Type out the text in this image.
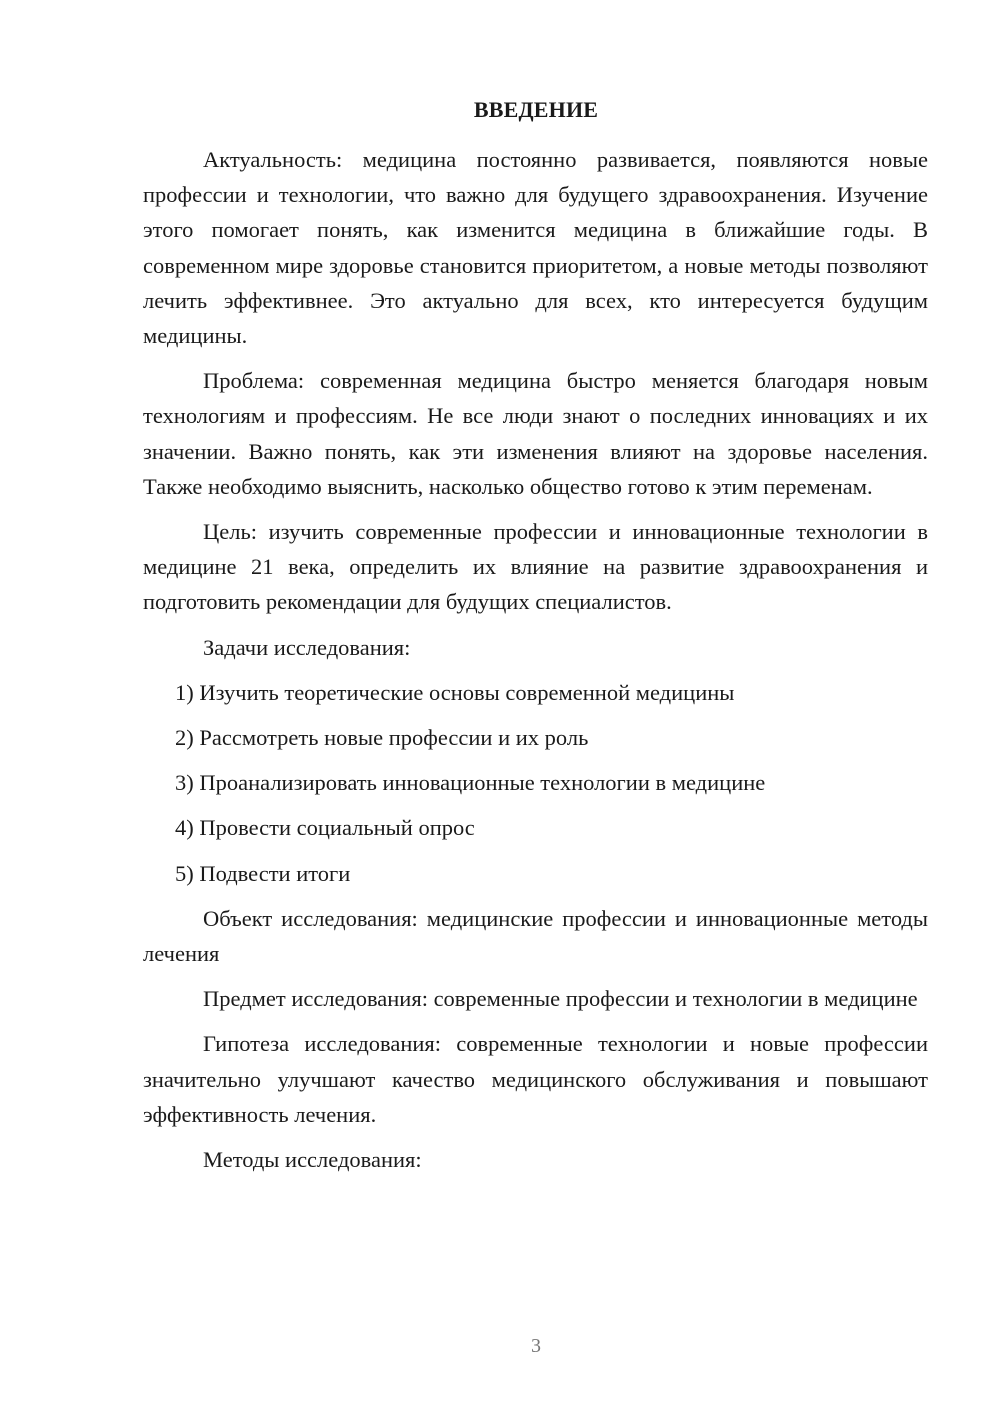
ВВЕДЕНИЕ

Актуальность: медицина постоянно развивается, появляются новые профессии и технологии, что важно для будущего здравоохранения. Изучение этого помогает понять, как изменится медицина в ближайшие годы. В современном мире здоровье становится приоритетом, а новые методы позволяют лечить эффективнее. Это актуально для всех, кто интересуется будущим медицины.

Проблема: современная медицина быстро меняется благодаря новым технологиям и профессиям. Не все люди знают о последних инновациях и их значении. Важно понять, как эти изменения влияют на здоровье населения. Также необходимо выяснить, насколько общество готово к этим переменам.

Цель: изучить современные профессии и инновационные технологии в медицине 21 века, определить их влияние на развитие здравоохранения и подготовить рекомендации для будущих специалистов.

Задачи исследования:

1) Изучить теоретические основы современной медицины
2) Рассмотреть новые профессии и их роль
3) Проанализировать инновационные технологии в медицине
4) Провести социальный опрос
5) Подвести итоги

Объект исследования: медицинские профессии и инновационные методы лечения

Предмет исследования: современные профессии и технологии в медицине

Гипотеза исследования: современные технологии и новые профессии значительно улучшают качество медицинского обслуживания и повышают эффективность лечения.

Методы исследования:

3
